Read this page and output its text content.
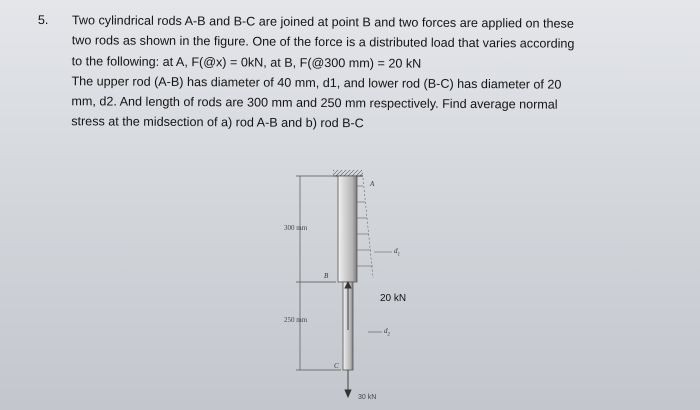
5. Two cylindrical rods A-B and B-C are joined at point B and two forces are applied on these
two rods as shown in the figure. One of the force is a distributed load that varies according
to the following: at A, F(@x) = 0kN, at B, F(@300 mm) = 20 kN
The upper rod (A-B) has diameter of 40 mm, d1, and lower rod (B-C) has diameter of 20
mm, d2. And length of rods are 300 mm and 250 mm respectively. Find average normal
stress at the midsection of a) rod A-B and b) rod B-C
A
B
C
300 mm
250 mm
$d_1$
$d_2$
20 kN
30 kN
